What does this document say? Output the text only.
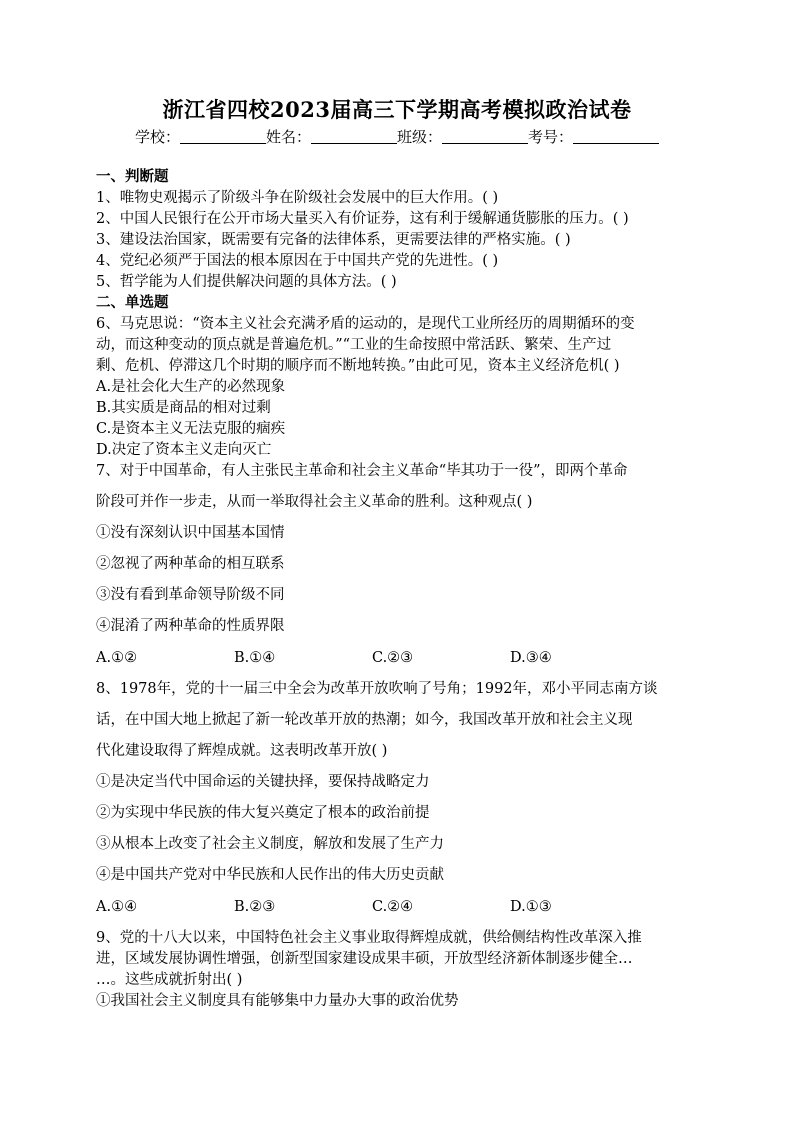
浙江省四校2023届高三下学期高考模拟政治试卷
学校：	姓名：	班级：	考号：
一、判断题
1、唯物史观揭示了阶级斗争在阶级社会发展中的巨大作用。( )
2、中国人民银行在公开市场大量买入有价证券，这有利于缓解通货膨胀的压力。( )
3、建设法治国家，既需要有完备的法律体系，更需要法律的严格实施。( )
4、党纪必须严于国法的根本原因在于中国共产党的先进性。( )
5、哲学能为人们提供解决问题的具体方法。( )
二、单选题
6、马克思说：“资本主义社会充满矛盾的运动的，是现代工业所经历的周期循环的变
动，而这种变动的顶点就是普遍危机。”“工业的生命按照中常活跃、繁荣、生产过
剩、危机、停滞这几个时期的顺序而不断地转换。”由此可见，资本主义经济危机( )
A.是社会化大生产的必然现象
B.其实质是商品的相对过剩
C.是资本主义无法克服的痼疾
D.决定了资本主义走向灭亡
7、对于中国革命，有人主张民主革命和社会主义革命“毕其功于一役”，即两个革命
阶段可并作一步走，从而一举取得社会主义革命的胜利。这种观点( )
①没有深刻认识中国基本国情
②忽视了两种革命的相互联系
③没有看到革命领导阶级不同
④混淆了两种革命的性质界限
A.①②	B.①④	C.②③	D.③④
8、1978年，党的十一届三中全会为改革开放吹响了号角；1992年，邓小平同志南方谈
话，在中国大地上掀起了新一轮改革开放的热潮；如今，我国改革开放和社会主义现
代化建设取得了辉煌成就。这表明改革开放( )
①是决定当代中国命运的关键抉择，要保持战略定力
②为实现中华民族的伟大复兴奠定了根本的政治前提
③从根本上改变了社会主义制度，解放和发展了生产力
④是中国共产党对中华民族和人民作出的伟大历史贡献
A.①④	B.②③	C.②④	D.①③
9、党的十八大以来，中国特色社会主义事业取得辉煌成就，供给侧结构性改革深入推
进，区域发展协调性增强，创新型国家建设成果丰硕，开放型经济新体制逐步健全…
…。这些成就折射出( )
①我国社会主义制度具有能够集中力量办大事的政治优势
